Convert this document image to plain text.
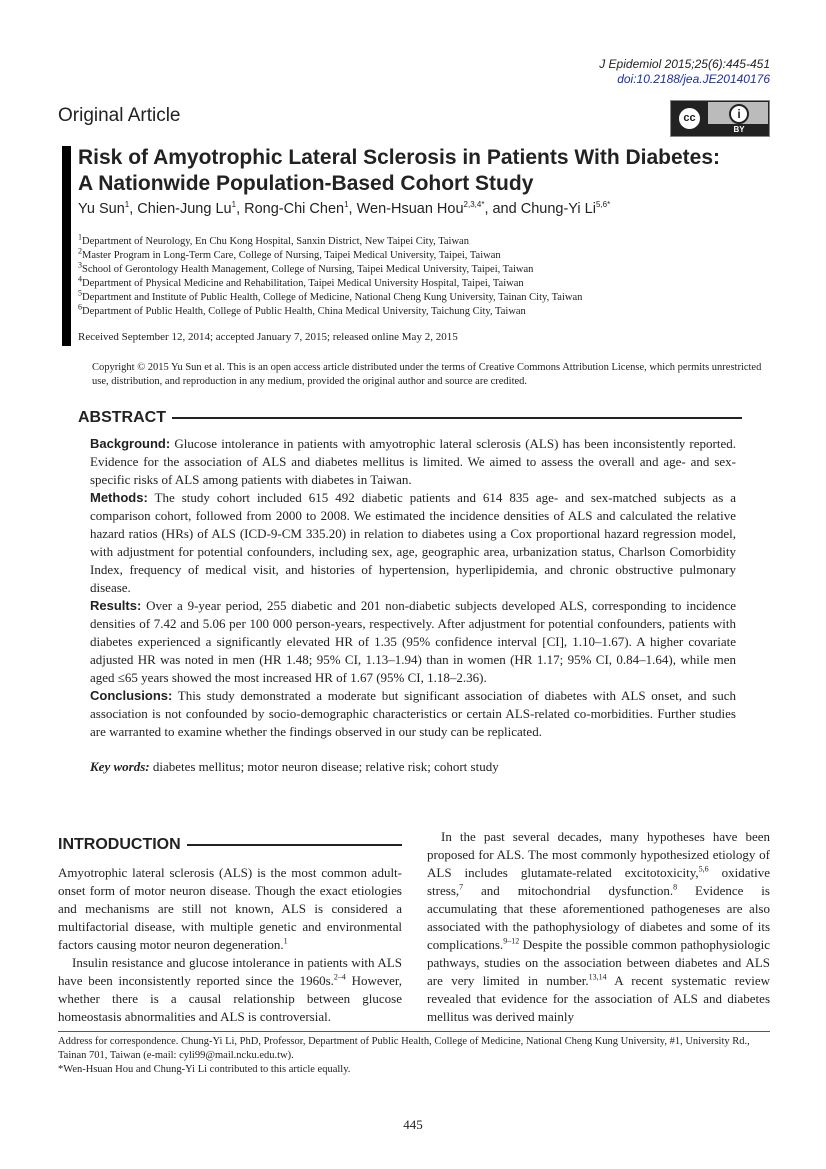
J Epidemiol 2015;25(6):445-451
doi:10.2188/jea.JE20140176
Original Article	cc	i
BY
Risk of Amyotrophic Lateral Sclerosis in Patients With Diabetes:
A Nationwide Population-Based Cohort Study
Yu Sun$^1$, Chien-Jung Lu$^1$, Rong-Chi Chen$^1$, Wen-Hsuan Hou$^{2,3,4*}$, and Chung-Yi $Li^{5,6*}$
$^1$Department of Neurology, En Chu Kong Hospital, Sanxin District, New Taipei City, Taiwan
$^2$Master Program in Long-Term Care, College of Nursing, Taipei Medical University, Taipei, Taiwan
$^3$School of Gerontology Health Management, College of Nursing, Taipei Medical University, Taipei, Taiwan
$^4$Department of Physical Medicine and Rehabilitation, Taipei Medical University Hospital, Taipei, Taiwan
$^5$Department and Institute of Public Health, College of Medicine, National Cheng Kung University, Tainan City, Taiwan
$^6$Department of Public Health, College of Public Health, China Medical University, Taichung City, Taiwan
Received September 12, 2014; accepted January 7, 2015; released online May 2, 2015
Copyright © 2015 Yu Sun et al. This is an open access article distributed under the terms of Creative Commons Attribution License, which permits unrestricted use, distribution, and reproduction in any medium, provided the original author and source are credited.
ABSTRACT

Background: Glucose intolerance in patients with amyotrophic lateral sclerosis (ALS) has been inconsistently reported. Evidence for the association of ALS and diabetes mellitus is limited. We aimed to assess the overall and age- and sex-specific risks of ALS among patients with diabetes in Taiwan.

Methods: The study cohort included 615 492 diabetic patients and 614 835 age- and sex-matched subjects as a comparison cohort, followed from 2000 to 2008. We estimated the incidence densities of ALS and calculated the relative hazard ratios (HRs) of ALS (ICD-9-CM 335.20) in relation to diabetes using a Cox proportional hazard regression model, with adjustment for potential confounders, including sex, age, geographic area, urbanization status, Charlson Comorbidity Index, frequency of medical visit, and histories of hypertension, hyperlipidemia, and chronic obstructive pulmonary disease.

Results: Over a 9-year period, 255 diabetic and 201 non-diabetic subjects developed ALS, corresponding to incidence densities of 7.42 and 5.06 per 100 000 person-years, respectively. After adjustment for potential confounders, patients with diabetes experienced a significantly elevated HR of 1.35 (95% confidence interval [CI], 1.10–1.67). A higher covariate adjusted HR was noted in men (HR 1.48; 95% CI, 1.13–1.94) than in women (HR 1.17; 95% CI, 0.84–1.64), while men aged ≤65 years showed the most increased HR of 1.67 (95% CI, 1.18–2.36).

Conclusions: This study demonstrated a moderate but significant association of diabetes with ALS onset, and such association is not confounded by socio-demographic characteristics or certain ALS-related co-morbidities. Further studies are warranted to examine whether the findings observed in our study can be replicated.

Key words: diabetes mellitus; motor neuron disease; relative risk; cohort study
INTRODUCTION

Amyotrophic lateral sclerosis (ALS) is the most common adult-onset form of motor neuron disease. Though the exact etiologies and mechanisms are still not known, ALS is considered a multifactorial disease, with multiple genetic and environmental factors causing motor neuron degeneration.$^1$

Insulin resistance and glucose intolerance in patients with ALS have been inconsistently reported since the 1960s.$^{2-4}$ However, whether there is a causal relationship between glucose homeostasis abnormalities and ALS is controversial.

In the past several decades, many hypotheses have been proposed for ALS. The most commonly hypothesized etiology of ALS includes glutamate-related excitotoxicity,$^{5,6}$ oxidative stress,$^7$ and mitochondrial dysfunction.$^8$ Evidence is accumulating that these aforementioned pathogeneses are also associated with the pathophysiology of diabetes and some of its complications.$^{9-12}$ Despite the possible common pathophysiologic pathways, studies on the association between diabetes and ALS are very limited in number.$^{13,14}$ A recent systematic review revealed that evidence for the association of ALS and diabetes mellitus was derived mainly

Address for correspondence. Chung-Yi Li, PhD, Professor, Department of Public Health, College of Medicine, National Cheng Kung University, #1, University Rd., Tainan 701, Taiwan (e-mail: cyli99@mail.ncku.edu.tw).
*Wen-Hsuan Hou and Chung-Yi Li contributed to this article equally.
445
